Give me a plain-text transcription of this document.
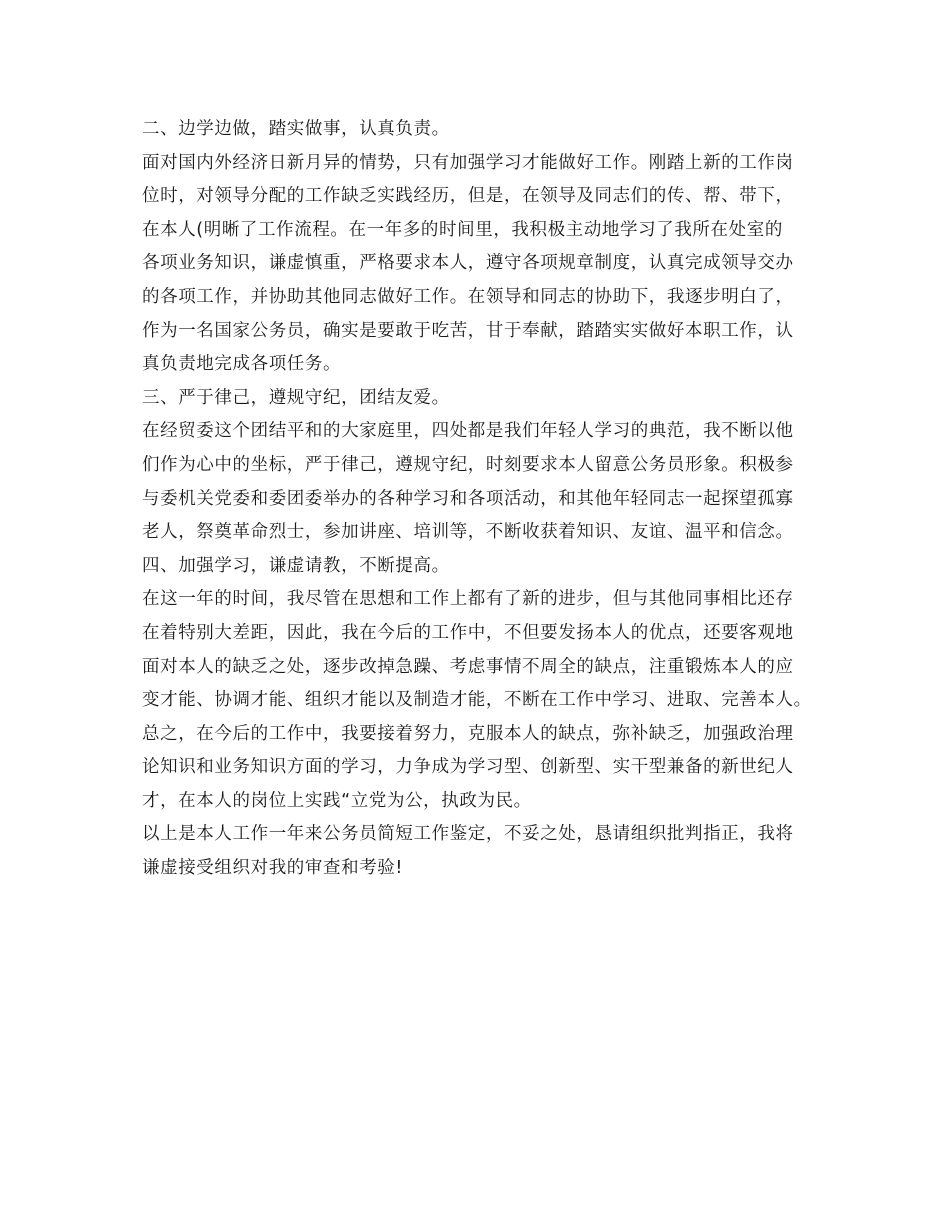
二、边学边做，踏实做事，认真负责。
面对国内外经济日新月异的情势，只有加强学习才能做好工作。刚踏上新的工作岗
位时，对领导分配的工作缺乏实践经历，但是，在领导及同志们的传、帮、带下，
在本人(明晰了工作流程。在一年多的时间里，我积极主动地学习了我所在处室的
各项业务知识，谦虚慎重，严格要求本人，遵守各项规章制度，认真完成领导交办
的各项工作，并协助其他同志做好工作。在领导和同志的协助下，我逐步明白了，
作为一名国家公务员，确实是要敢于吃苦，甘于奉献，踏踏实实做好本职工作，认
真负责地完成各项任务。
三、严于律己，遵规守纪，团结友爱。
在经贸委这个团结平和的大家庭里，四处都是我们年轻人学习的典范，我不断以他
们作为心中的坐标，严于律己，遵规守纪，时刻要求本人留意公务员形象。积极参
与委机关党委和委团委举办的各种学习和各项活动，和其他年轻同志一起探望孤寡
老人，祭奠革命烈士，参加讲座、培训等，不断收获着知识、友谊、温平和信念。
四、加强学习，谦虚请教，不断提高。
在这一年的时间，我尽管在思想和工作上都有了新的进步，但与其他同事相比还存
在着特别大差距，因此，我在今后的工作中，不但要发扬本人的优点，还要客观地
面对本人的缺乏之处，逐步改掉急躁、考虑事情不周全的缺点，注重锻炼本人的应
变才能、协调才能、组织才能以及制造才能，不断在工作中学习、进取、完善本人。
总之，在今后的工作中，我要接着努力，克服本人的缺点，弥补缺乏，加强政治理
论知识和业务知识方面的学习，力争成为学习型、创新型、实干型兼备的新世纪人
才，在本人的岗位上实践“立党为公，执政为民。
以上是本人工作一年来公务员简短工作鉴定，不妥之处，恳请组织批判指正，我将
谦虚接受组织对我的审查和考验!
